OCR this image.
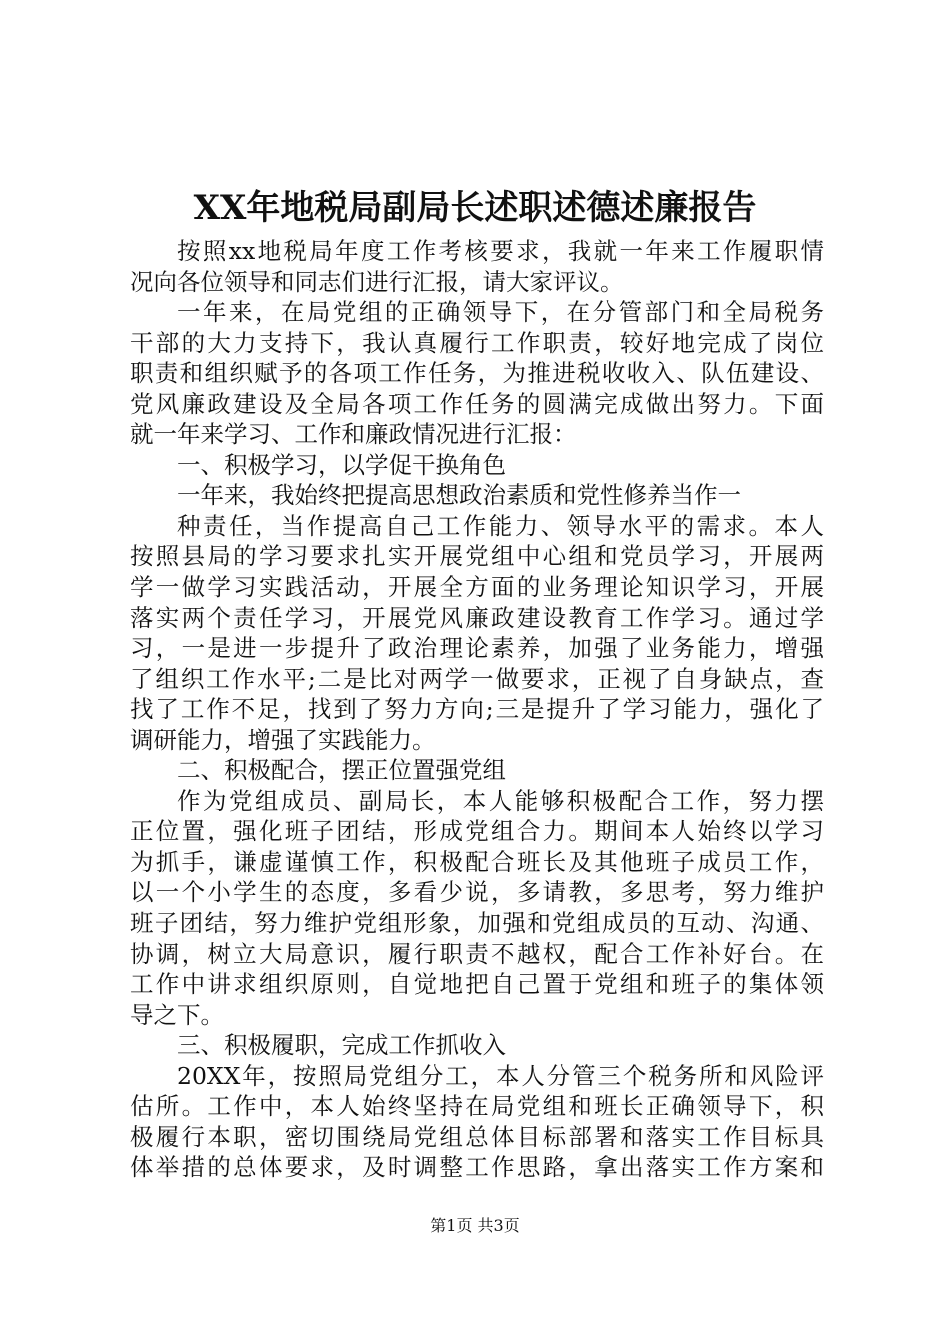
XX年地税局副局长述职述德述廉报告
按照xx地税局年度工作考核要求，我就一年来工作履职情
况向各位领导和同志们进行汇报，请大家评议。
一年来，在局党组的正确领导下，在分管部门和全局税务
干部的大力支持下，我认真履行工作职责，较好地完成了岗位
职责和组织赋予的各项工作任务，为推进税收收入、队伍建设、
党风廉政建设及全局各项工作任务的圆满完成做出努力。下面
就一年来学习、工作和廉政情况进行汇报：
一、积极学习，以学促干换角色
一年来，我始终把提高思想政治素质和党性修养当作一
种责任，当作提高自己工作能力、领导水平的需求。本人
按照县局的学习要求扎实开展党组中心组和党员学习，开展两
学一做学习实践活动，开展全方面的业务理论知识学习，开展
落实两个责任学习，开展党风廉政建设教育工作学习。通过学
习，一是进一步提升了政治理论素养，加强了业务能力，增强
了组织工作水平;二是比对两学一做要求，正视了自身缺点，查
找了工作不足，找到了努力方向;三是提升了学习能力，强化了
调研能力，增强了实践能力。
二、积极配合，摆正位置强党组
作为党组成员、副局长，本人能够积极配合工作，努力摆
正位置，强化班子团结，形成党组合力。期间本人始终以学习
为抓手，谦虚谨慎工作，积极配合班长及其他班子成员工作，
以一个小学生的态度，多看少说，多请教，多思考，努力维护
班子团结，努力维护党组形象，加强和党组成员的互动、沟通、
协调，树立大局意识，履行职责不越权，配合工作补好台。在
工作中讲求组织原则，自觉地把自己置于党组和班子的集体领
导之下。
三、积极履职，完成工作抓收入
20XX年，按照局党组分工，本人分管三个税务所和风险评
估所。工作中，本人始终坚持在局党组和班长正确领导下，积
极履行本职，密切围绕局党组总体目标部署和落实工作目标具
体举措的总体要求，及时调整工作思路，拿出落实工作方案和
第1页 共3页
